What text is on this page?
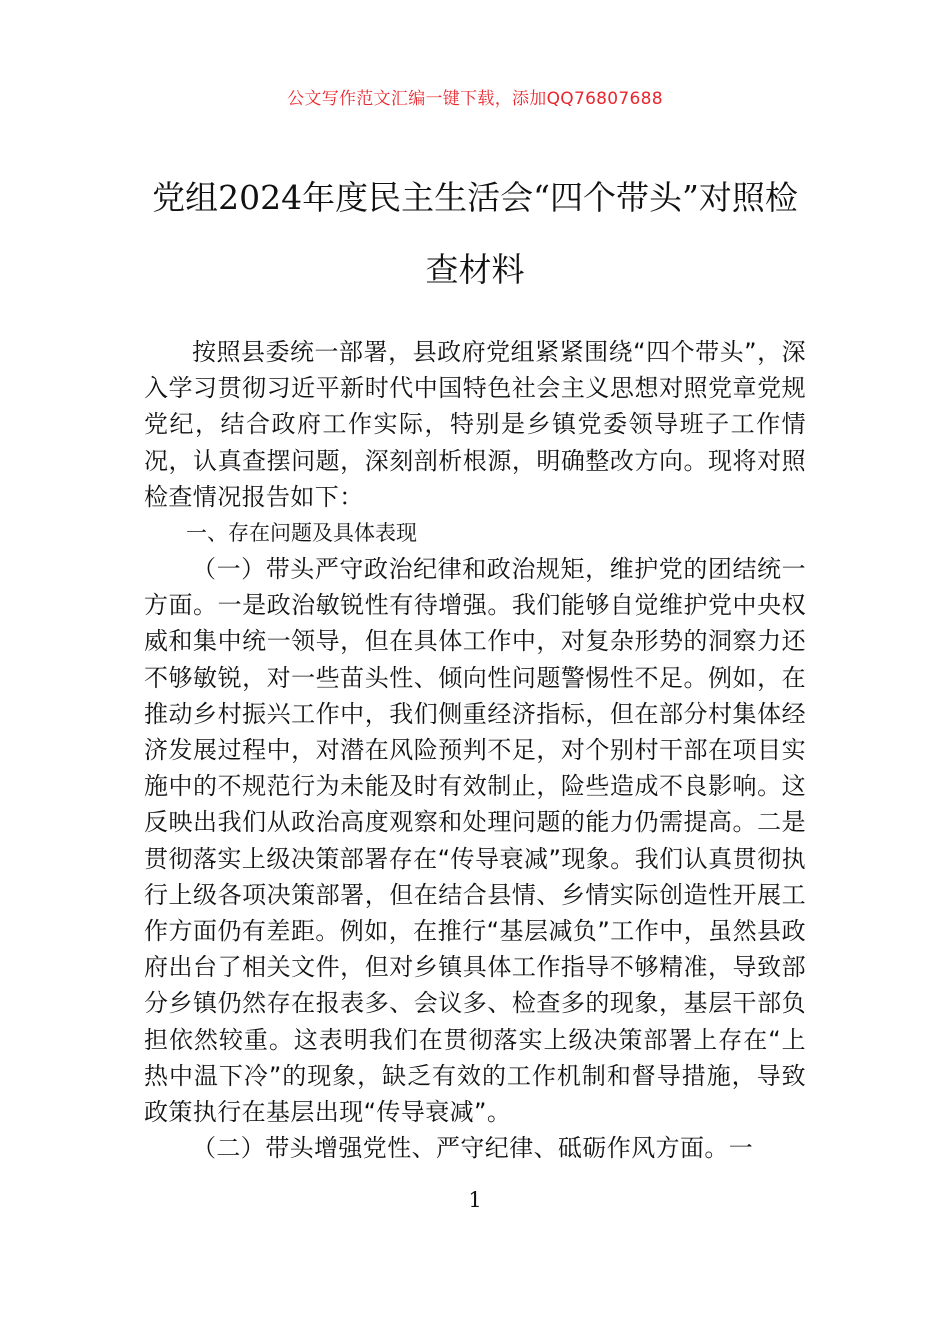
公文写作范文汇编一键下载，添加QQ76807688
党组2024年度民主生活会“四个带头”对照检查材料

按照县委统一部署，县政府党组紧紧围绕“四个带头”，深入学习贯彻习近平新时代中国特色社会主义思想对照党章党规党纪，结合政府工作实际，特别是乡镇党委领导班子工作情况，认真查摆问题，深刻剖析根源，明确整改方向。现将对照检查情况报告如下：

一、存在问题及具体表现

（一）带头严守政治纪律和政治规矩，维护党的团结统一方面。一是政治敏锐性有待增强。我们能够自觉维护党中央权威和集中统一领导，但在具体工作中，对复杂形势的洞察力还不够敏锐，对一些苗头性、倾向性问题警惕性不足。例如，在推动乡村振兴工作中，我们侧重经济指标，但在部分村集体经济发展过程中，对潜在风险预判不足，对个别村干部在项目实施中的不规范行为未能及时有效制止，险些造成不良影响。这反映出我们从政治高度观察和处理问题的能力仍需提高。二是贯彻落实上级决策部署存在“传导衰减”现象。我们认真贯彻执行上级各项决策部署，但在结合县情、乡情实际创造性开展工作方面仍有差距。例如，在推行“基层减负”工作中，虽然县政府出台了相关文件，但对乡镇具体工作指导不够精准，导致部分乡镇仍然存在报表多、会议多、检查多的现象，基层干部负担依然较重。这表明我们在贯彻落实上级决策部署上存在“上热中温下冷”的现象，缺乏有效的工作机制和督导措施，导致政策执行在基层出现“传导衰减”。

（二）带头增强党性、严守纪律、砥砺作风方面。一

1
